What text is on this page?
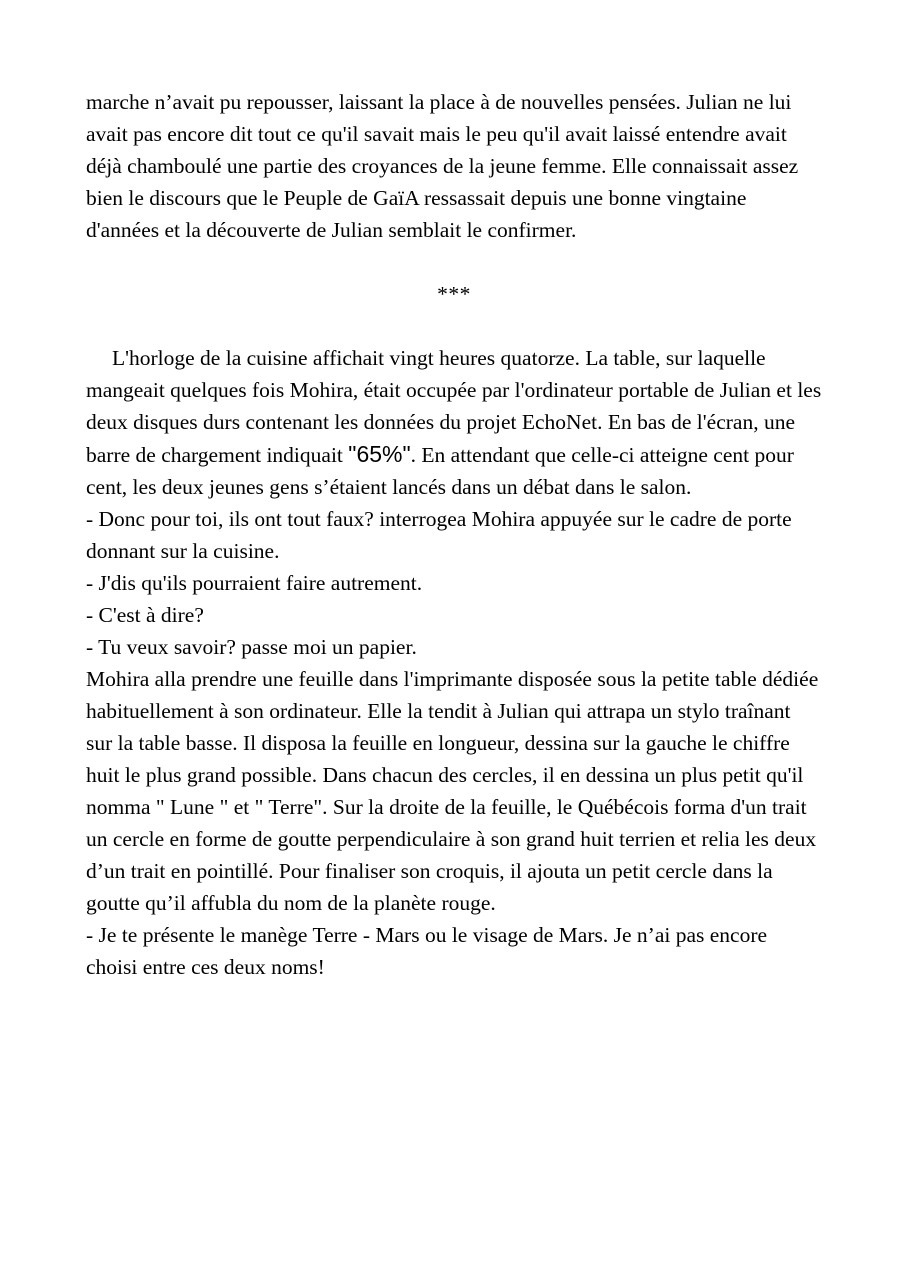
marche n’avait pu repousser, laissant la place à de nouvelles pensées. Julian ne lui avait pas encore dit tout ce qu'il savait mais le peu qu'il avait laissé entendre avait déjà chamboulé une partie des croyances de la jeune femme. Elle connaissait assez bien le discours que le Peuple de GaïA ressassait depuis une bonne vingtaine d'années et la découverte de Julian semblait le confirmer.

***

L'horloge de la cuisine affichait vingt heures quatorze. La table, sur laquelle mangeait quelques fois Mohira, était occupée par l'ordinateur portable de Julian et les deux disques durs contenant les données du projet EchoNet. En bas de l'écran, une barre de chargement indiquait "65%". En attendant que celle-ci atteigne cent pour cent, les deux jeunes gens s’étaient lancés dans un débat dans le salon.

- Donc pour toi, ils ont tout faux? interrogea Mohira appuyée sur le cadre de porte donnant sur la cuisine.

- J'dis qu'ils pourraient faire autrement.

- C'est à dire?

- Tu veux savoir? passe moi un papier.

Mohira alla prendre une feuille dans l'imprimante disposée sous la petite table dédiée habituellement à son ordinateur. Elle la tendit à Julian qui attrapa un stylo traînant sur la table basse. Il disposa la feuille en longueur, dessina sur la gauche le chiffre huit le plus grand possible. Dans chacun des cercles, il en dessina un plus petit qu'il nomma " Lune " et " Terre". Sur la droite de la feuille, le Québécois forma d'un trait un cercle en forme de goutte perpendiculaire à son grand huit terrien et relia les deux d’un trait en pointillé. Pour finaliser son croquis, il ajouta un petit cercle dans la goutte qu’il affubla du nom de la planète rouge.

- Je te présente le manège Terre - Mars ou le visage de Mars. Je n’ai pas encore choisi entre ces deux noms!
